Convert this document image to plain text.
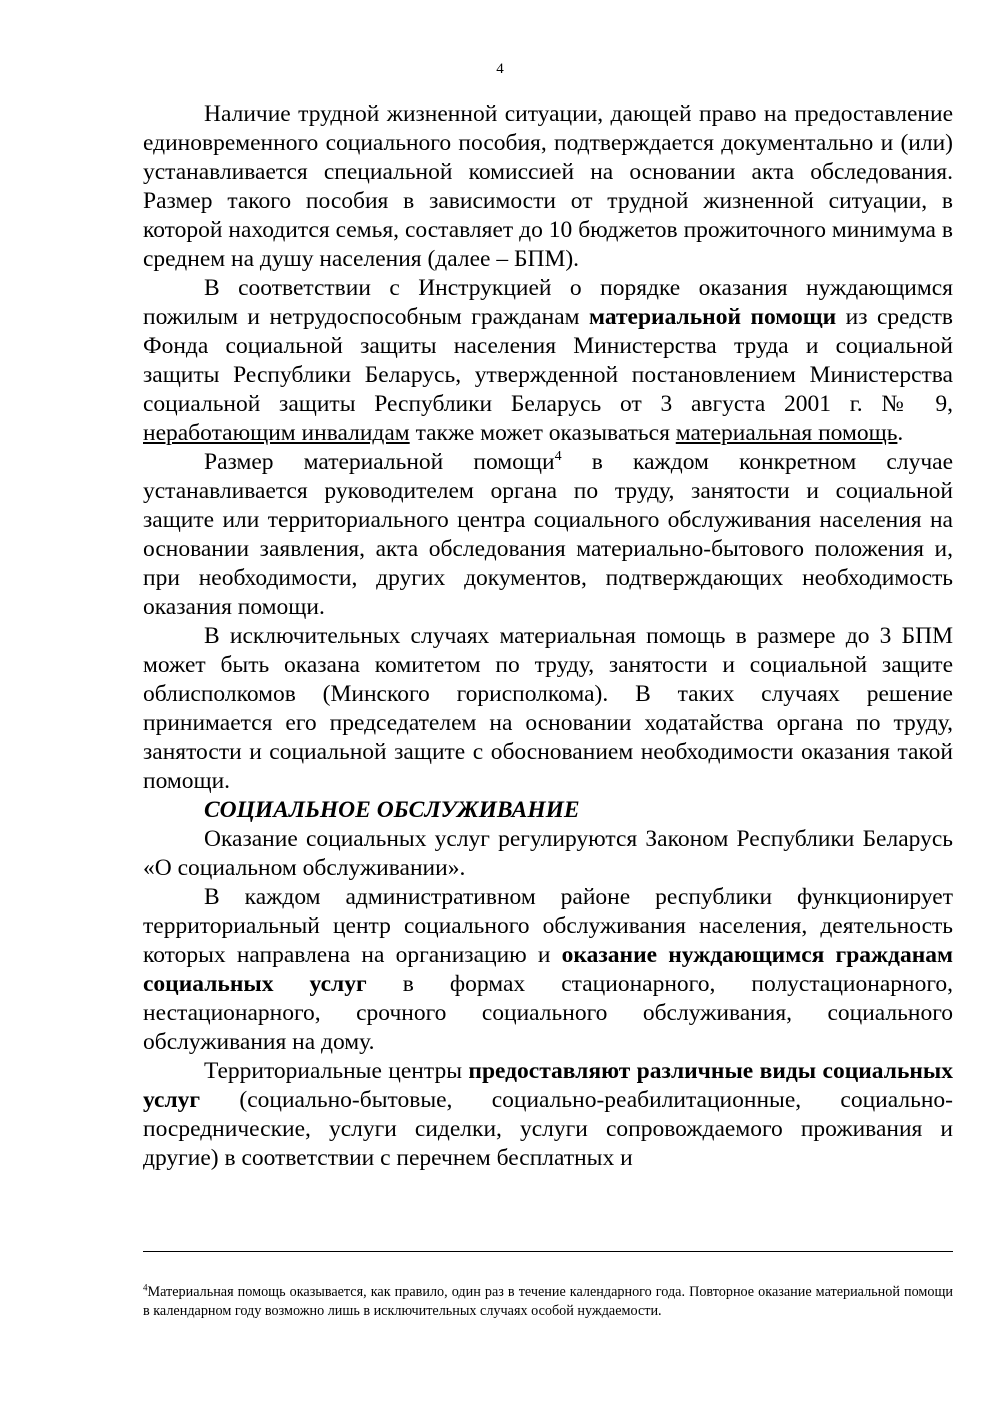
4

Наличие трудной жизненной ситуации, дающей право на предоставление единовременного социального пособия, подтверждается документально и (или) устанавливается специальной комиссией на основании акта обследования. Размер такого пособия в зависимости от трудной жизненной ситуации, в которой находится семья, составляет до 10 бюджетов прожиточного минимума в среднем на душу населения (далее – БПМ).

В соответствии с Инструкцией о порядке оказания нуждающимся пожилым и нетрудоспособным гражданам материальной помощи из средств Фонда социальной защиты населения Министерства труда и социальной защиты Республики Беларусь, утвержденной постановлением Министерства социальной защиты Республики Беларусь от 3 августа 2001 г. № 9, неработающим инвалидам также может оказываться материальная помощь.

Размер материальной помощи$^4$ в каждом конкретном случае устанавливается руководителем органа по труду, занятости и социальной защите или территориального центра социального обслуживания населения на основании заявления, акта обследования материально-бытового положения и, при необходимости, других документов, подтверждающих необходимость оказания помощи.

В исключительных случаях материальная помощь в размере до 3 БПМ может быть оказана комитетом по труду, занятости и социальной защите облисполкомов (Минского горисполкома). В таких случаях решение принимается его председателем на основании ходатайства органа по труду, занятости и социальной защите с обоснованием необходимости оказания такой помощи.

СОЦИАЛЬНОЕ ОБСЛУЖИВАНИЕ

Оказание социальных услуг регулируются Законом Республики Беларусь «О социальном обслуживании».

В каждом административном районе республики функционирует территориальный центр социального обслуживания населения, деятельность которых направлена на организацию и оказание нуждающимся гражданам социальных услуг в формах стационарного, полустационарного, нестационарного, срочного социального обслуживания, социального обслуживания на дому.

Территориальные центры предоставляют различные виды социальных услуг (социально-бытовые, социально-реабилитационные, социально-посреднические, услуги сиделки, услуги сопровождаемого проживания и другие) в соответствии с перечнем бесплатных и

$^4$Материальная помощь оказывается, как правило, один раз в течение календарного года. Повторное оказание материальной помощи в календарном году возможно лишь в исключительных случаях особой нуждаемости.
